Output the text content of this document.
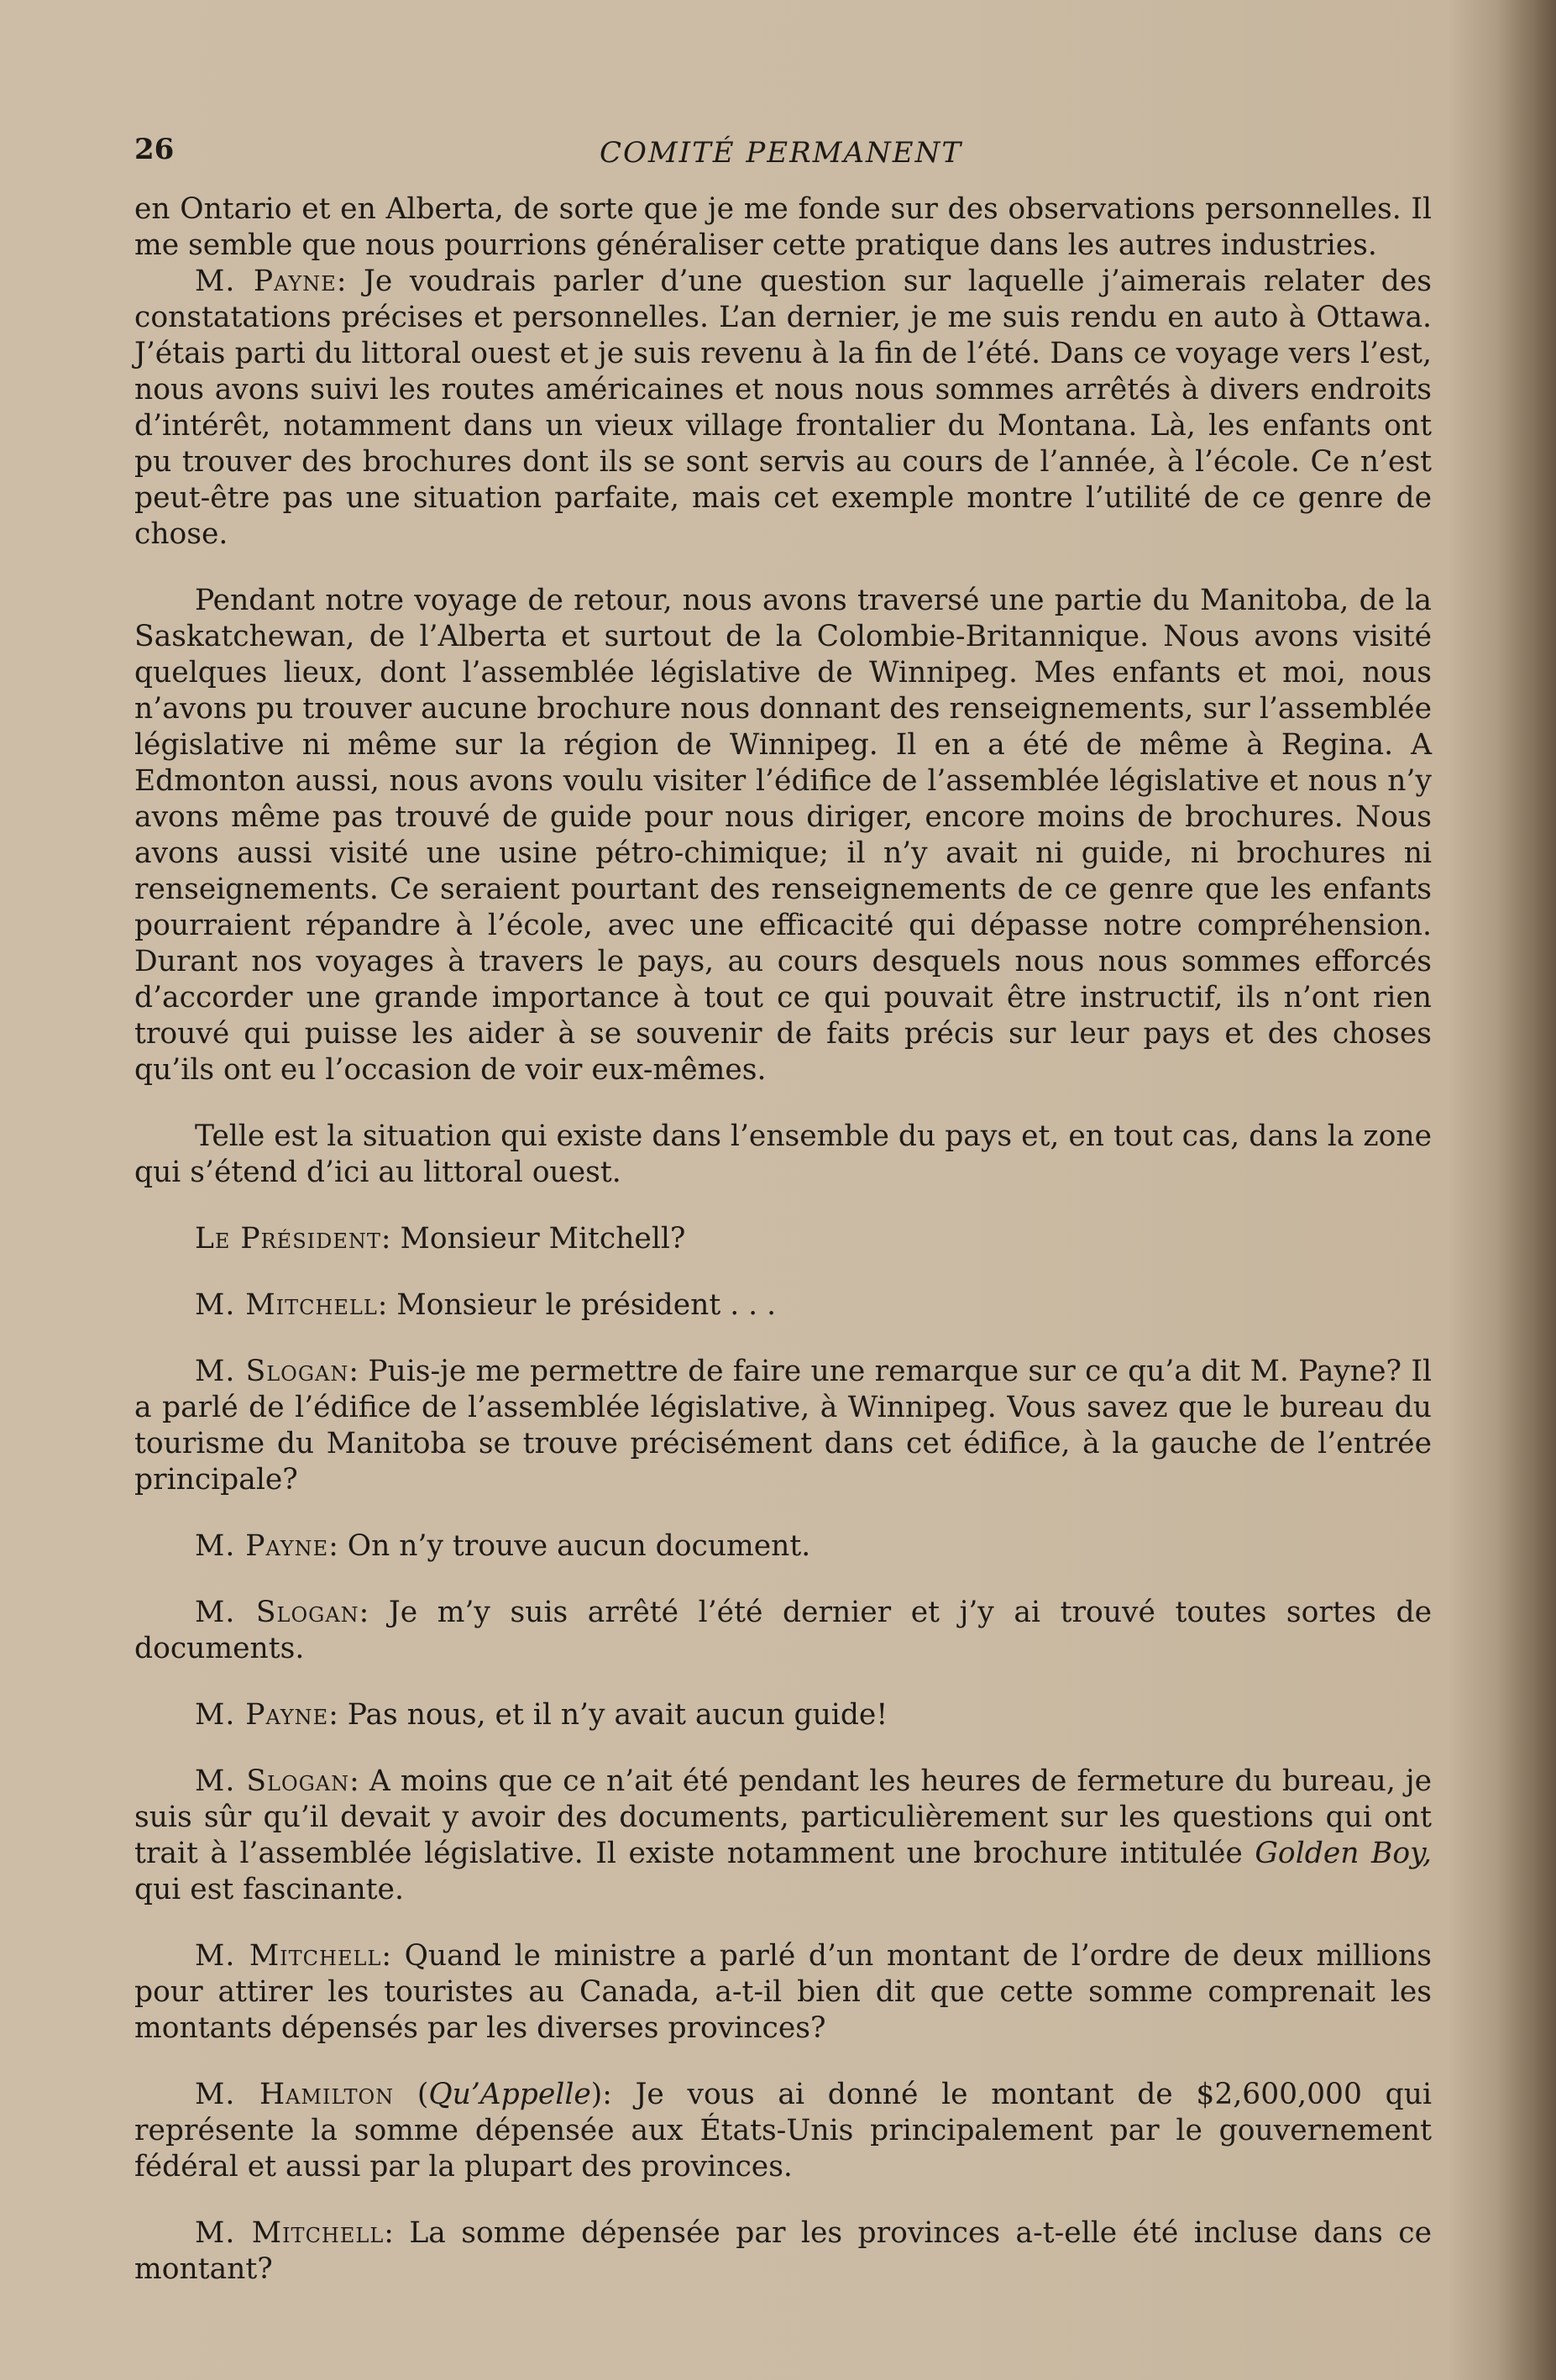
26	COMITÉ PERMANENT

en Ontario et en Alberta, de sorte que je me fonde sur des observations personnelles. Il me semble que nous pourrions généraliser cette pratique dans les autres industries.

M. Payne: Je voudrais parler d’une question sur laquelle j’aimerais relater des constatations précises et personnelles. L’an dernier, je me suis rendu en auto à Ottawa. J’étais parti du littoral ouest et je suis revenu à la fin de l’été. Dans ce voyage vers l’est, nous avons suivi les routes américaines et nous nous sommes arrêtés à divers endroits d’intérêt, notamment dans un vieux village frontalier du Montana. Là, les enfants ont pu trouver des brochures dont ils se sont servis au cours de l’année, à l’école. Ce n’est peut-être pas une situation parfaite, mais cet exemple montre l’utilité de ce genre de chose.

Pendant notre voyage de retour, nous avons traversé une partie du Manitoba, de la Saskatchewan, de l’Alberta et surtout de la Colombie-Britannique. Nous avons visité quelques lieux, dont l’assemblée législative de Winnipeg. Mes enfants et moi, nous n’avons pu trouver aucune brochure nous donnant des renseignements, sur l’assemblée législative ni même sur la région de Winnipeg. Il en a été de même à Regina. A Edmonton aussi, nous avons voulu visiter l’édifice de l’assemblée législative et nous n’y avons même pas trouvé de guide pour nous diriger, encore moins de brochures. Nous avons aussi visité une usine pétro-chimique; il n’y avait ni guide, ni brochures ni renseignements. Ce seraient pourtant des renseignements de ce genre que les enfants pourraient répandre à l’école, avec une efficacité qui dépasse notre compréhension. Durant nos voyages à travers le pays, au cours desquels nous nous sommes efforcés d’accorder une grande importance à tout ce qui pouvait être instructif, ils n’ont rien trouvé qui puisse les aider à se souvenir de faits précis sur leur pays et des choses qu’ils ont eu l’occasion de voir eux-mêmes.

Telle est la situation qui existe dans l’ensemble du pays et, en tout cas, dans la zone qui s’étend d’ici au littoral ouest.

Le Président: Monsieur Mitchell?

M. Mitchell: Monsieur le président . . .

M. Slogan: Puis-je me permettre de faire une remarque sur ce qu’a dit M. Payne? Il a parlé de l’édifice de l’assemblée législative, à Winnipeg. Vous savez que le bureau du tourisme du Manitoba se trouve précisément dans cet édifice, à la gauche de l’entrée principale?

M. Payne: On n’y trouve aucun document.

M. Slogan: Je m’y suis arrêté l’été dernier et j’y ai trouvé toutes sortes de documents.

M. Payne: Pas nous, et il n’y avait aucun guide!

M. Slogan: A moins que ce n’ait été pendant les heures de fermeture du bureau, je suis sûr qu’il devait y avoir des documents, particulièrement sur les questions qui ont trait à l’assemblée législative. Il existe notamment une brochure intitulée Golden Boy, qui est fascinante.

M. Mitchell: Quand le ministre a parlé d’un montant de l’ordre de deux millions pour attirer les touristes au Canada, a-t-il bien dit que cette somme comprenait les montants dépensés par les diverses provinces?

M. Hamilton (Qu’Appelle): Je vous ai donné le montant de $2,600,000 qui représente la somme dépensée aux États-Unis principalement par le gouvernement fédéral et aussi par la plupart des provinces.

M. Mitchell: La somme dépensée par les provinces a-t-elle été incluse dans ce montant?
